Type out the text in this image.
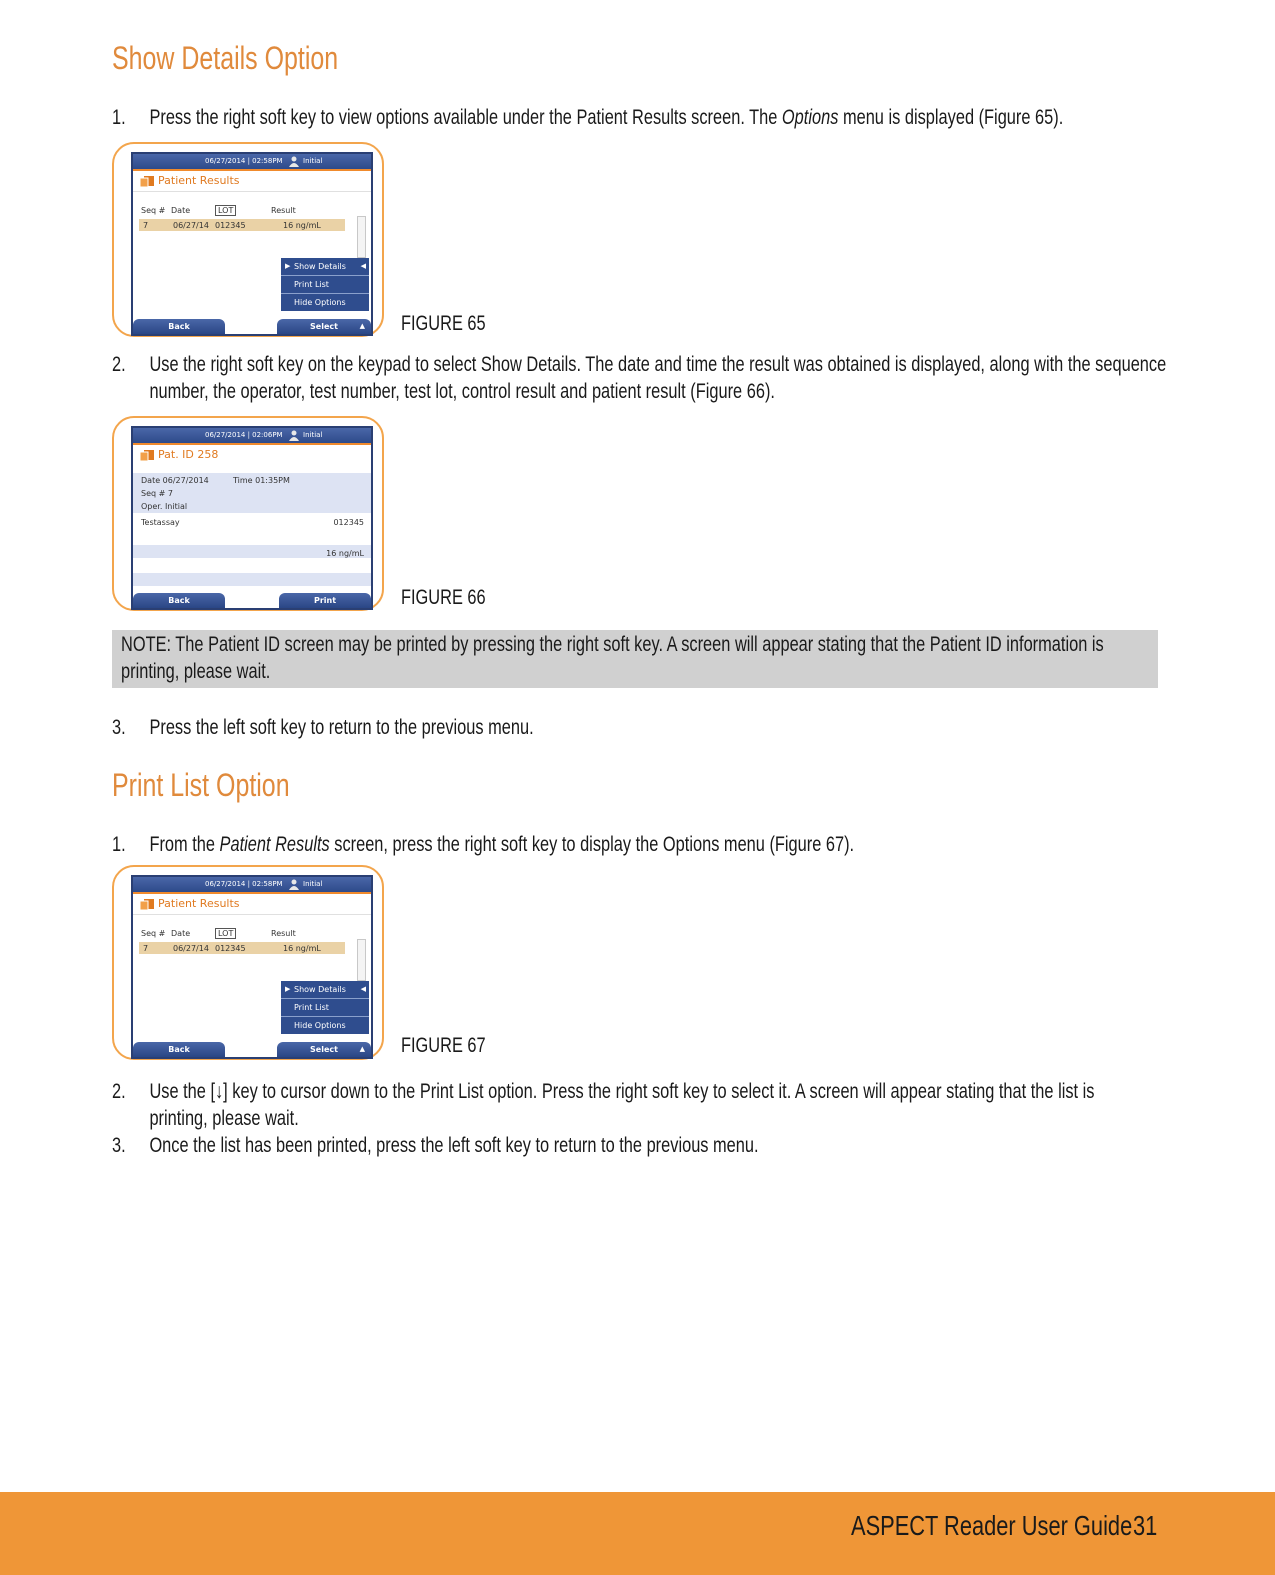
Show Details Option
1. Press the right soft key to view options available under the Patient Results screen. The Options menu is displayed (Figure 65).
06/27/2014 | 02:58PM	Initial
Patient Results
Seq # Date	LOT	Result
7	06/27/14 012345	16 ng/mL
▶ Show Details ◀
Print List
Hide Options
Back	Select	▲ FIGURE 65
2. Use the right soft key on the keypad to select Show Details. The date and time the result was obtained is displayed, along with the sequence
number, the operator, test number, test lot, control result and patient result (Figure 66).
06/27/2014 | 02:06PM	Initial
Pat. ID 258
Date 06/27/2014	Time 01:35PM
Seq # 7
Oper. Initial
Testassay	012345
16 ng/mL
Back	Print	FIGURE 66
NOTE: The Patient ID screen may be printed by pressing the right soft key. A screen will appear stating that the Patient ID information is
printing, please wait.
3. Press the left soft key to return to the previous menu.
Print List Option
1. From the Patient Results screen, press the right soft key to display the Options menu (Figure 67).
06/27/2014 | 02:58PM	Initial
Patient Results
Seq # Date	LOT	Result
7	06/27/14 012345	16 ng/mL
▶ Show Details ◀
Print List
Hide Options
Back	Select	▲ FIGURE 67
2. Use the [↓] key to cursor down to the Print List option. Press the right soft key to select it. A screen will appear stating that the list is
printing, please wait.
3. Once the list has been printed, press the left soft key to return to the previous menu.
ASPECT Reader User Guide 31
